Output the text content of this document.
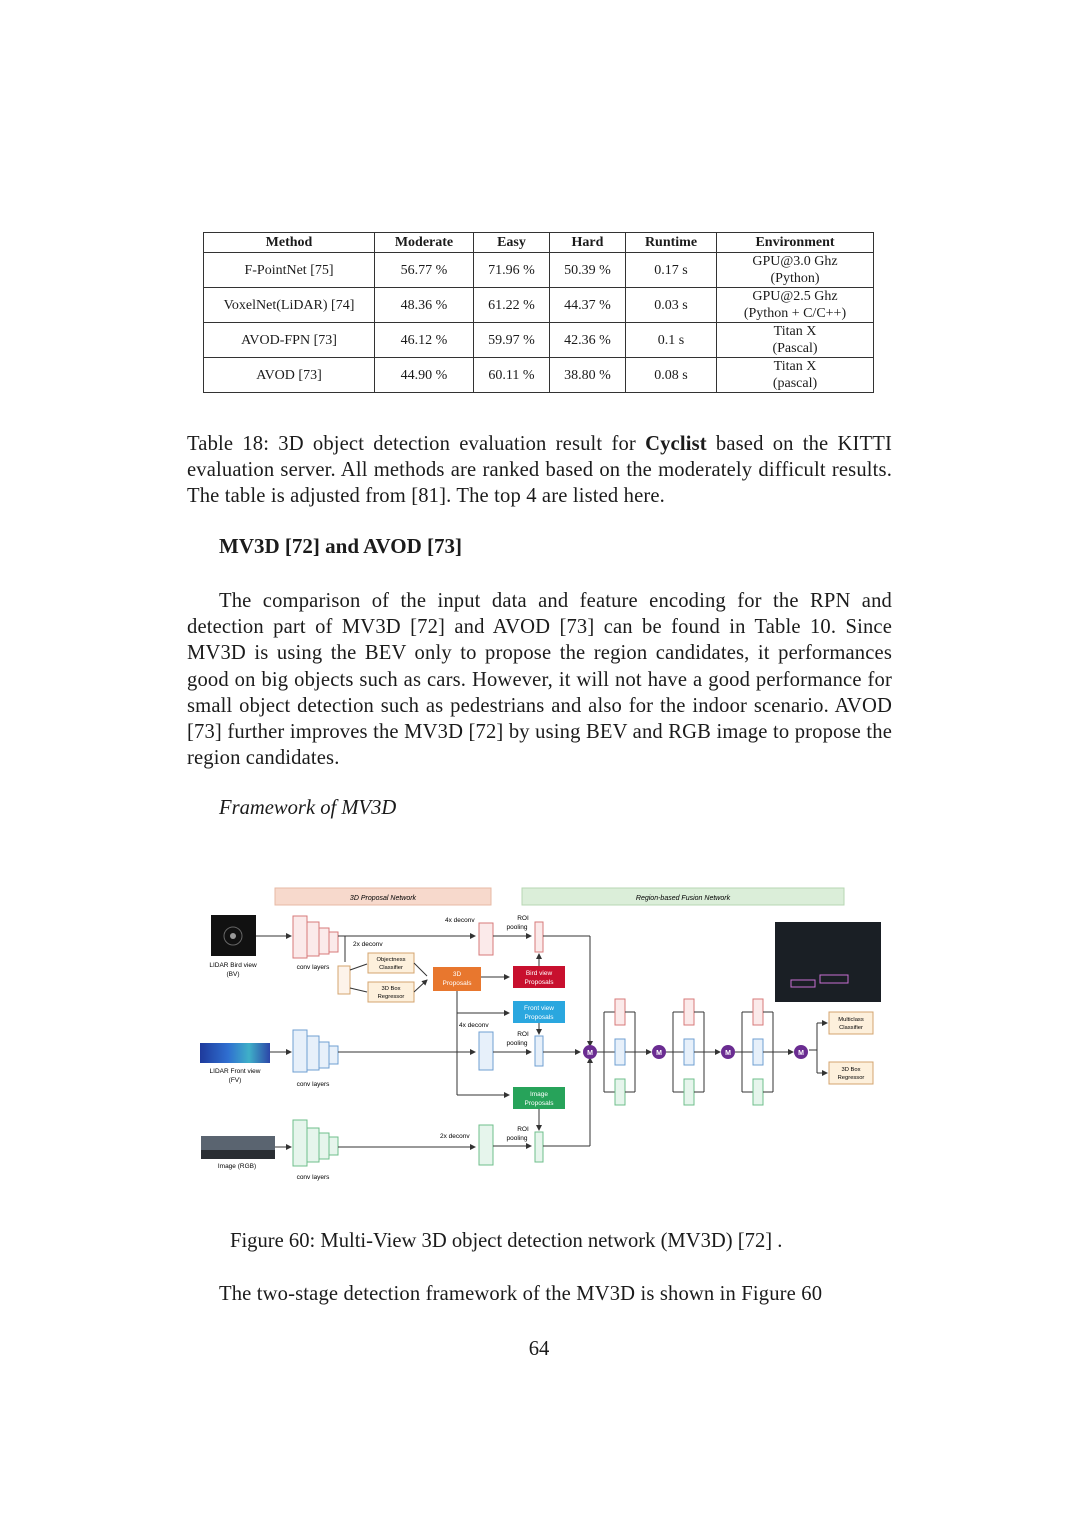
Method	Moderate	Easy	Hard	Runtime	Environment
F-PointNet [75]	56.77 %	71.96 %	50.39 %	0.17 s	GPU@3.0 Ghz
(Python)
VoxelNet(LiDAR) [74]	48.36 %	61.22 %	44.37 %	0.03 s	GPU@2.5 Ghz
(Python + C/C++)
AVOD-FPN [73]	46.12 %	59.97 %	42.36 %	0.1 s	Titan X
(Pascal)
AVOD [73]	44.90 %	60.11 %	38.80 %	0.08 s	Titan X
(pascal)

Table 18: 3D object detection evaluation result for Cyclist based on the KITTI evaluation server. All methods are ranked based on the moderately difficult results. The table is adjusted from [81]. The top 4 are listed here.

MV3D [72] and AVOD [73]

The comparison of the input data and feature encoding for the RPN and detection part of MV3D [72] and AVOD [73] can be found in Table 10. Since MV3D is using the BEV only to propose the region candidates, it performances good on big objects such as cars. However, it will not have a good performance for small object detection such as pedestrians and also for the indoor scenario. AVOD [73] further improves the MV3D [72] by using BEV and RGB image to propose the region candidates.

Framework of MV3D
3D Proposal Network	Region-based Fusion Network
LIDAR Bird view
(BV)
LIDAR Front view
(FV)
Image (RGB)
conv layers
conv layers
conv layers
2x deconv
Objectness
Classifier
3D Box
Regressor
3D
Proposals
Bird view
Proposals
Front view
Proposals
Image
Proposals
4x deconv	ROI
pooling
4x deconv
ROI
pooling
2x deconv
ROI
pooling
M	M	M	M
Multiclass
Classifier
3D Box
Regressor
Figure 60: Multi-View 3D object detection network (MV3D) [72] .
The two-stage detection framework of the MV3D is shown in Figure 60
64
